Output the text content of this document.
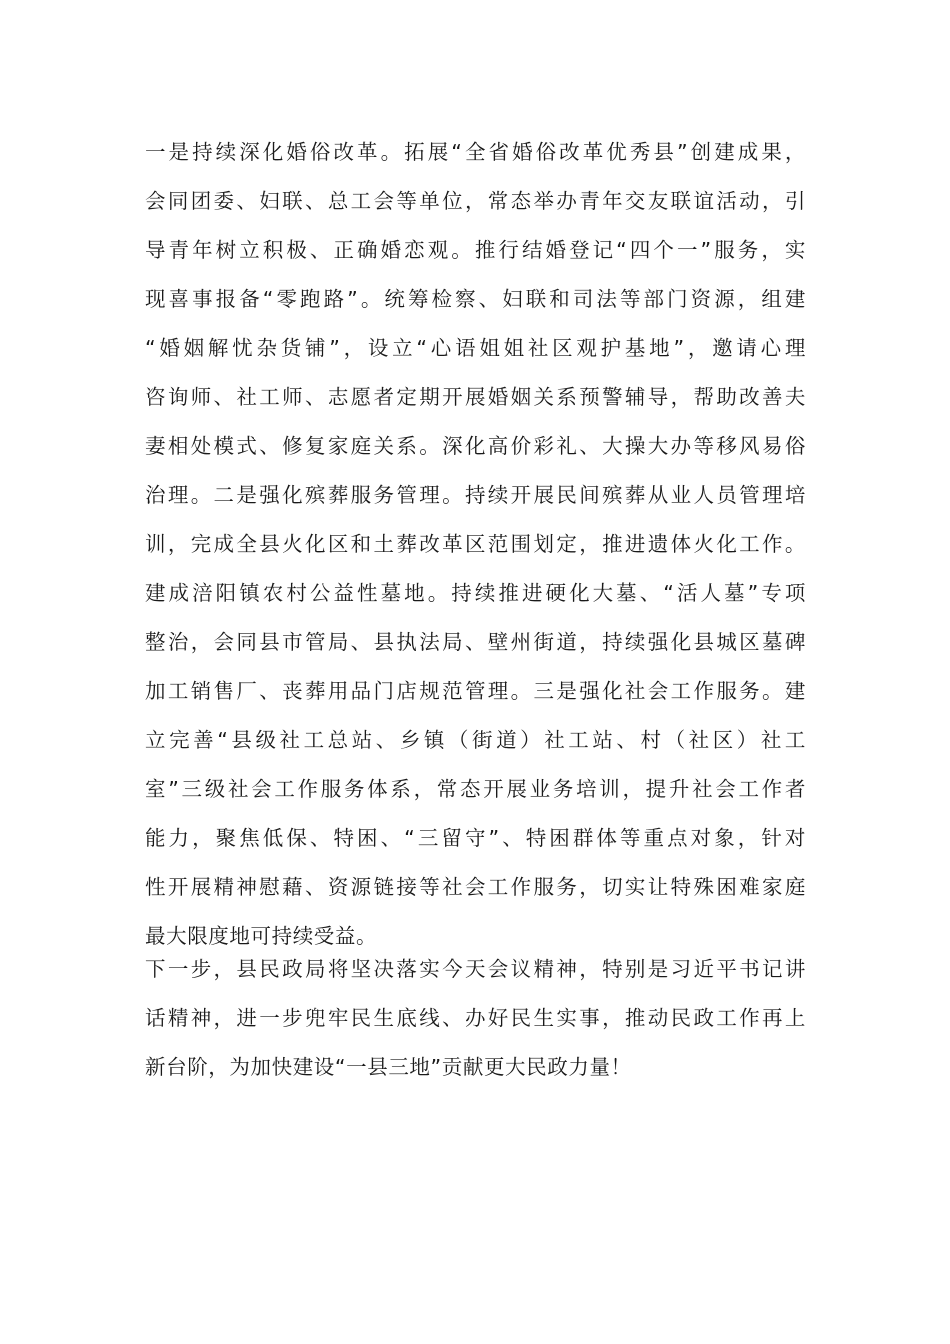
一是持续深化婚俗改革。拓展“全省婚俗改革优秀县”创建成果，
会同团委、妇联、总工会等单位，常态举办青年交友联谊活动，引
导青年树立积极、正确婚恋观。推行结婚登记“四个一”服务，实
现喜事报备“零跑路”。统筹检察、妇联和司法等部门资源，组建
“婚姻解忧杂货铺”，设立“心语姐姐社区观护基地”，邀请心理
咨询师、社工师、志愿者定期开展婚姻关系预警辅导，帮助改善夫
妻相处模式、修复家庭关系。深化高价彩礼、大操大办等移风易俗
治理。二是强化殡葬服务管理。持续开展民间殡葬从业人员管理培
训，完成全县火化区和土葬改革区范围划定，推进遗体火化工作。
建成涪阳镇农村公益性墓地。持续推进硬化大墓、“活人墓”专项
整治，会同县市管局、县执法局、壁州街道，持续强化县城区墓碑
加工销售厂、丧葬用品门店规范管理。三是强化社会工作服务。建
立完善“县级社工总站、乡镇（街道）社工站、村（社区）社工
室”三级社会工作服务体系，常态开展业务培训，提升社会工作者
能力，聚焦低保、特困、“三留守”、特困群体等重点对象，针对
性开展精神慰藉、资源链接等社会工作服务，切实让特殊困难家庭
最大限度地可持续受益。
下一步，县民政局将坚决落实今天会议精神，特别是习近平书记讲
话精神，进一步兜牢民生底线、办好民生实事，推动民政工作再上
新台阶，为加快建设“一县三地”贡献更大民政力量！
